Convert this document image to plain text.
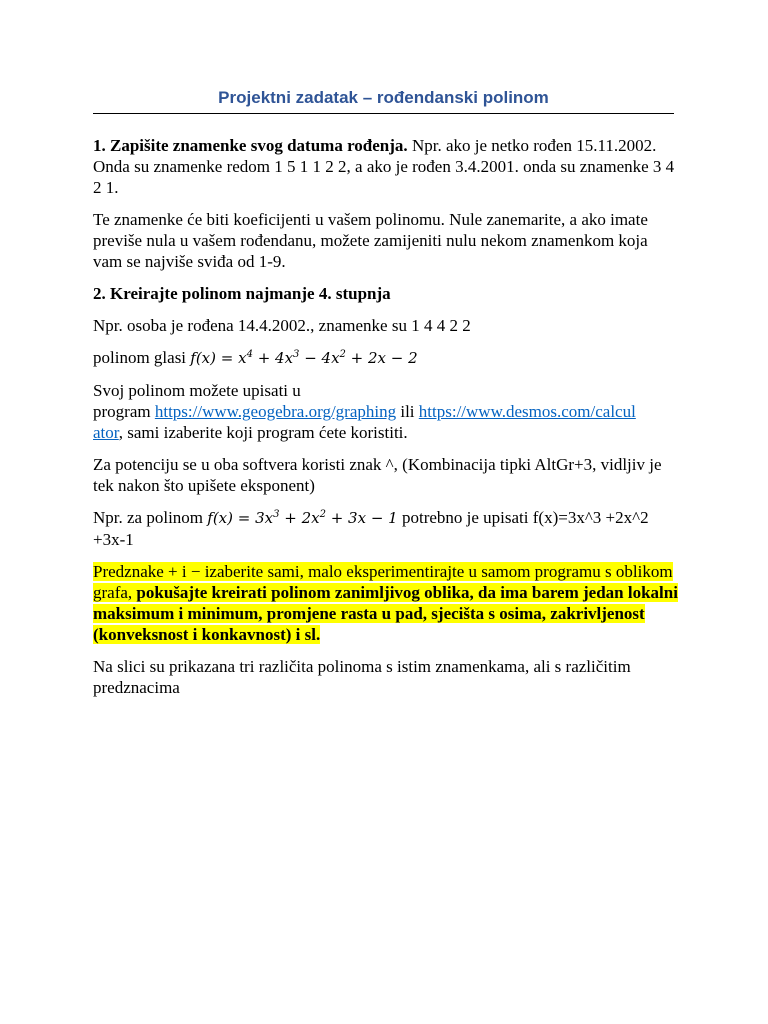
Projektni zadatak – rođendanski polinom

1. Zapišite znamenke svog datuma rođenja. Npr. ako je netko rođen 15.11.2002. Onda su znamenke redom 1 5 1 1 2 2, a ako je rođen 3.4.2001. onda su znamenke 3 4 2 1.

Te znamenke će biti koeficijenti u vašem polinomu. Nule zanemarite, a ako imate previše nula u vašem rođendanu, možete zamijeniti nulu nekom znamenkom koja vam se najviše sviđa od 1-9.

2. Kreirajte polinom najmanje 4. stupnja

Npr. osoba je rođena 14.4.2002., znamenke su 1 4 4 2 2

polinom glasi $f(x) = x^4 + 4x^3 - 4x^2 + 2x - 2$

Svoj polinom možete upisati u
program https://www.geogebra.org/graphing ili https://www.desmos.com/calcul
ator, sami izaberite koji program ćete koristiti.

Za potenciju se u oba softvera koristi znak ^, (Kombinacija tipki AltGr+3, vidljiv je tek nakon što upišete eksponent)

Npr. za polinom $f(x) = 3x^3 + 2x^2 + 3x - 1$ potrebno je upisati f(x)=3x^3 +2x^2 +3x-1

Predznake + i − izaberite sami, malo eksperimentirajte u samom programu s oblikom grafa, pokušajte kreirati polinom zanimljivog oblika, da ima barem jedan lokalni maksimum i minimum, promjene rasta u pad, sjecišta s osima, zakrivljenost (konveksnost i konkavnost) i sl.

Na slici su prikazana tri različita polinoma s istim znamenkama, ali s različitim predznacima
